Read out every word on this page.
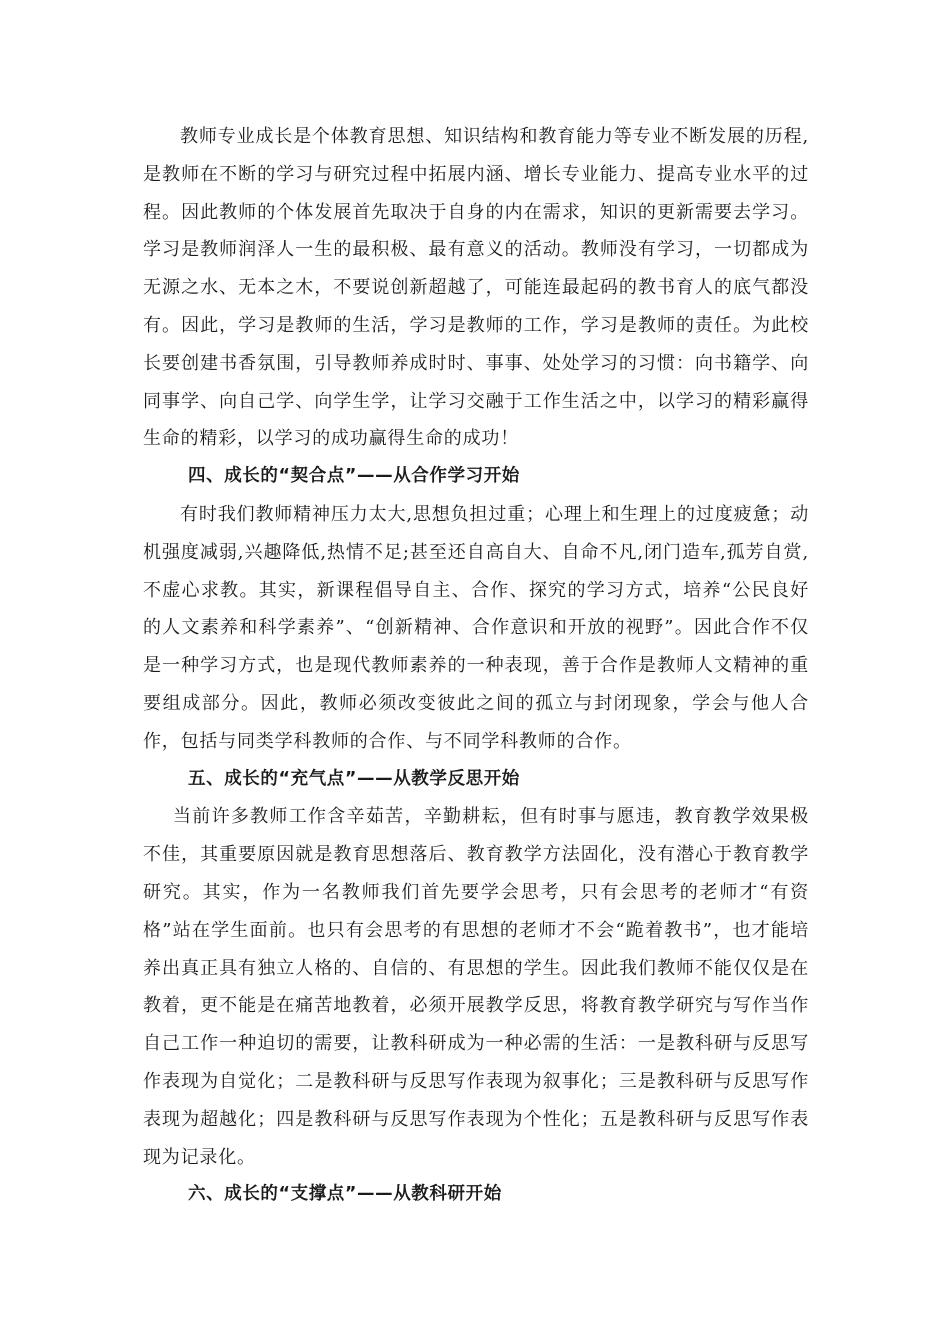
教师专业成长是个体教育思想、知识结构和教育能力等专业不断发展的历程,是教师在不断的学习与研究过程中拓展内涵、增长专业能力、提高专业水平的过程。因此教师的个体发展首先取决于自身的内在需求，知识的更新需要去学习。学习是教师润泽人一生的最积极、最有意义的活动。教师没有学习，一切都成为无源之水、无本之木，不要说创新超越了，可能连最起码的教书育人的底气都没有。因此，学习是教师的生活，学习是教师的工作，学习是教师的责任。为此校长要创建书香氛围，引导教师养成时时、事事、处处学习的习惯：向书籍学、向同事学、向自己学、向学生学，让学习交融于工作生活之中，以学习的精彩赢得生命的精彩，以学习的成功赢得生命的成功！

四、成长的“契合点”——从合作学习开始

有时我们教师精神压力太大,思想负担过重；心理上和生理上的过度疲惫；动机强度减弱,兴趣降低,热情不足;甚至还自高自大、自命不凡,闭门造车,孤芳自赏,不虚心求教。其实，新课程倡导自主、合作、探究的学习方式，培养“公民良好的人文素养和科学素养”、“创新精神、合作意识和开放的视野”。因此合作不仅是一种学习方式，也是现代教师素养的一种表现，善于合作是教师人文精神的重要组成部分。因此，教师必须改变彼此之间的孤立与封闭现象，学会与他人合作，包括与同类学科教师的合作、与不同学科教师的合作。

五、成长的“充气点”——从教学反思开始

当前许多教师工作含辛茹苦，辛勤耕耘，但有时事与愿违，教育教学效果极不佳，其重要原因就是教育思想落后、教育教学方法固化，没有潜心于教育教学研究。其实，作为一名教师我们首先要学会思考，只有会思考的老师才“有资格”站在学生面前。也只有会思考的有思想的老师才不会“跪着教书”，也才能培养出真正具有独立人格的、自信的、有思想的学生。因此我们教师不能仅仅是在教着，更不能是在痛苦地教着，必须开展教学反思，将教育教学研究与写作当作自己工作一种迫切的需要，让教科研成为一种必需的生活：一是教科研与反思写作表现为自觉化；二是教科研与反思写作表现为叙事化；三是教科研与反思写作表现为超越化；四是教科研与反思写作表现为个性化；五是教科研与反思写作表现为记录化。

六、成长的“支撑点”——从教科研开始
